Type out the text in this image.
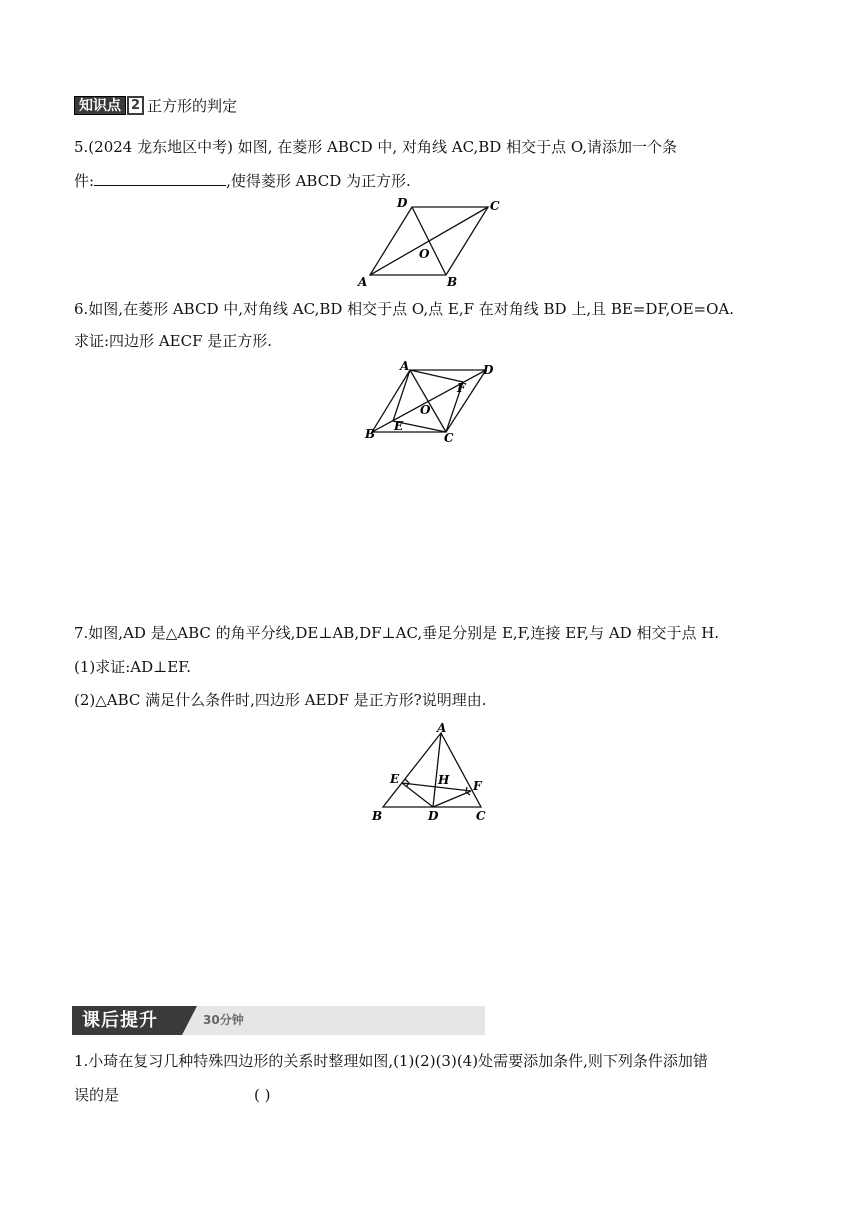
知识点 2 正方形的判定
5.(2024 龙东地区中考) 如图, 在菱形 ABCD 中, 对角线 AC,BD 相交于点 O,请添加一个条
件:	,使得菱形 ABCD 为正方形.
D	C
A	B
O
6.如图,在菱形 ABCD 中,对角线 AC,BD 相交于点 O,点 E,F 在对角线 BD 上,且 BE=DF,OE=OA.
求证:四边形 AECF 是正方形.
A	D
B	C
E
F
O
7.如图,AD 是△ABC 的角平分线,DE⊥AB,DF⊥AC,垂足分别是 E,F,连接 EF,与 AD 相交于点 H.
(1)求证:AD⊥EF.
(2)△ABC 满足什么条件时,四边形 AEDF 是正方形?说明理由.
A
B	D	C
E	F
H
课后提升	30分钟
1.小琦在复习几种特殊四边形的关系时整理如图,(1)(2)(3)(4)处需要添加条件,则下列条件添加错
误的是	( )
